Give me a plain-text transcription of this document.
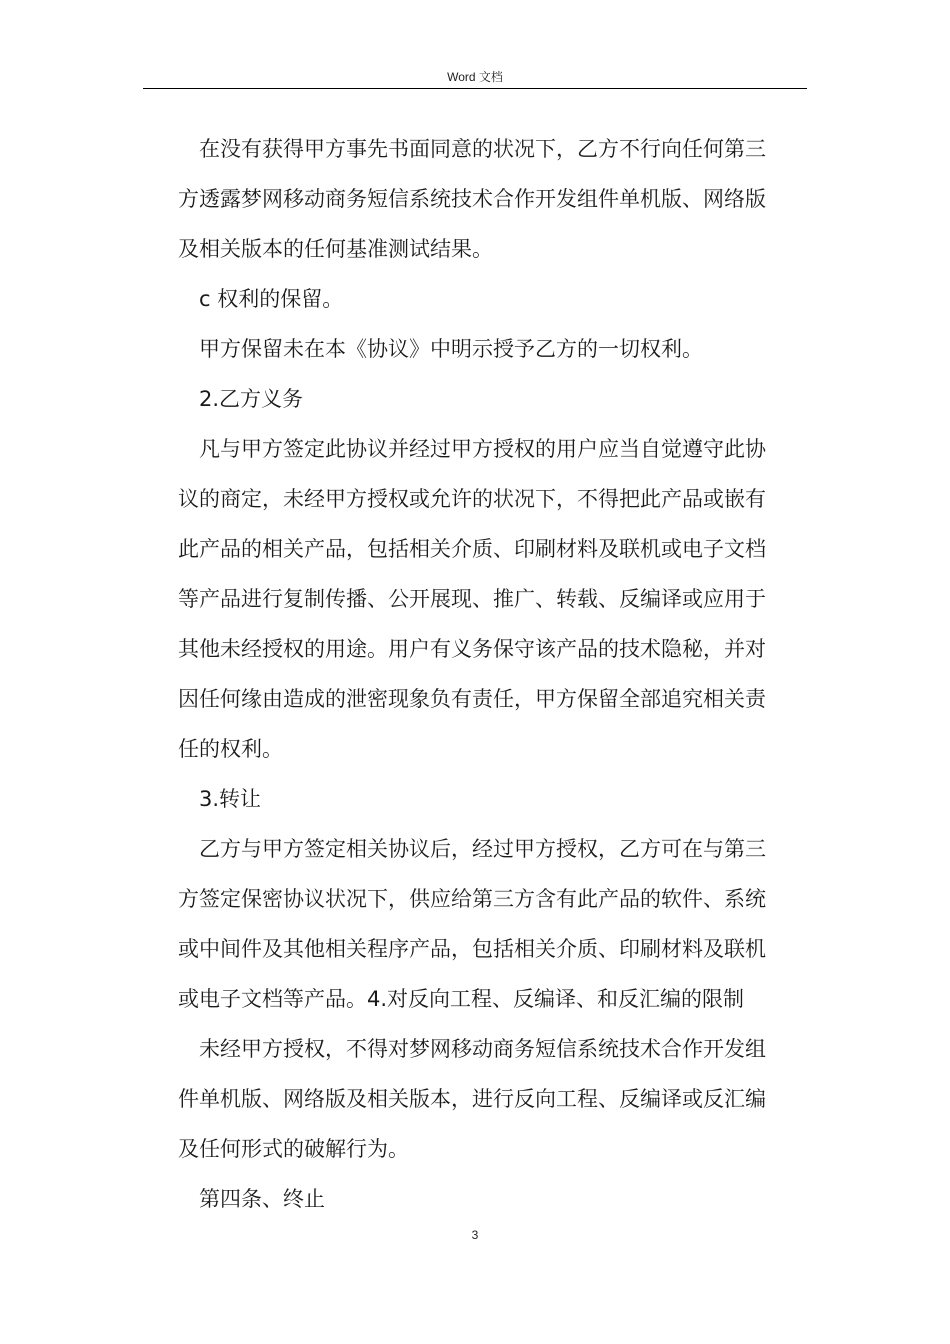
Word 文档
在没有获得甲方事先书面同意的状况下，乙方不行向任何第三
方透露梦网移动商务短信系统技术合作开发组件单机版、网络版
及相关版本的任何基准测试结果。
c 权利的保留。
甲方保留未在本《协议》中明示授予乙方的一切权利。
2.乙方义务
凡与甲方签定此协议并经过甲方授权的用户应当自觉遵守此协
议的商定，未经甲方授权或允许的状况下，不得把此产品或嵌有
此产品的相关产品，包括相关介质、印刷材料及联机或电子文档
等产品进行复制传播、公开展现、推广、转载、反编译或应用于
其他未经授权的用途。用户有义务保守该产品的技术隐秘，并对
因任何缘由造成的泄密现象负有责任，甲方保留全部追究相关责
任的权利。
3.转让
乙方与甲方签定相关协议后，经过甲方授权，乙方可在与第三
方签定保密协议状况下，供应给第三方含有此产品的软件、系统
或中间件及其他相关程序产品，包括相关介质、印刷材料及联机
或电子文档等产品。4.对反向工程、反编译、和反汇编的限制
未经甲方授权，不得对梦网移动商务短信系统技术合作开发组
件单机版、网络版及相关版本，进行反向工程、反编译或反汇编
及任何形式的破解行为。
第四条、终止
3
